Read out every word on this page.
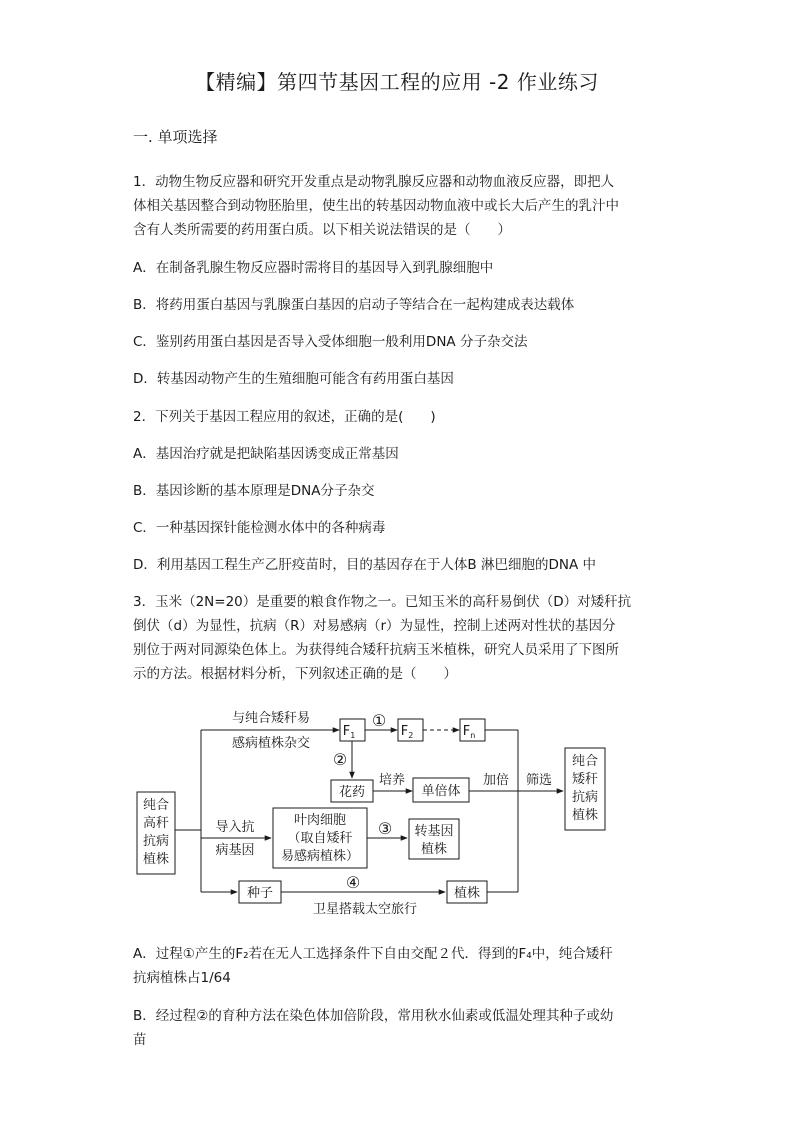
【精编】第四节基因工程的应用 -2 作业练习
一. 单项选择
1．动物生物反应器和研究开发重点是动物乳腺反应器和动物血液反应器，即把人
体相关基因整合到动物胚胎里，使生出的转基因动物血液中或长大后产生的乳汁中
含有人类所需要的药用蛋白质。以下相关说法错误的是（　　）
A．在制备乳腺生物反应器时需将目的基因导入到乳腺细胞中
B．将药用蛋白基因与乳腺蛋白基因的启动子等结合在一起构建成表达载体
C．鉴别药用蛋白基因是否导入受体细胞一般利用DNA 分子杂交法
D．转基因动物产生的生殖细胞可能含有药用蛋白基因
2．下列关于基因工程应用的叙述，正确的是(　　)
A．基因治疗就是把缺陷基因诱变成正常基因
B．基因诊断的基本原理是DNA分子杂交
C．一种基因探针能检测水体中的各种病毒
D．利用基因工程生产乙肝疫苗时，目的基因存在于人体B 淋巴细胞的DNA 中
3．玉米（2N=20）是重要的粮食作物之一。已知玉米的高秆易倒伏（D）对矮秆抗
倒伏（d）为显性，抗病（R）对易感病（r）为显性，控制上述两对性状的基因分
别位于两对同源染色体上。为获得纯合矮秆抗病玉米植株，研究人员采用了下图所
示的方法。根据材料分析，下列叙述正确的是（　　）
纯合
高秆
抗病
植株
与纯合矮秆易
感病植株杂交
$F_1$	$F_2$	$F_n$
①
②
③
④
花药
培养
单倍体
加倍 筛选
纯合
矮秆
抗病
植株
导入抗
病基因
叶肉细胞
（取自矮秆
易感病植株）
转基因
植株
种子	植株
卫星搭载太空旅行
A．过程①产生的F₂若在无人工选择条件下自由交配２代．得到的F₄中，纯合矮秆
抗病植株占1/64
B．经过程②的育种方法在染色体加倍阶段，常用秋水仙素或低温处理其种子或幼
苗
